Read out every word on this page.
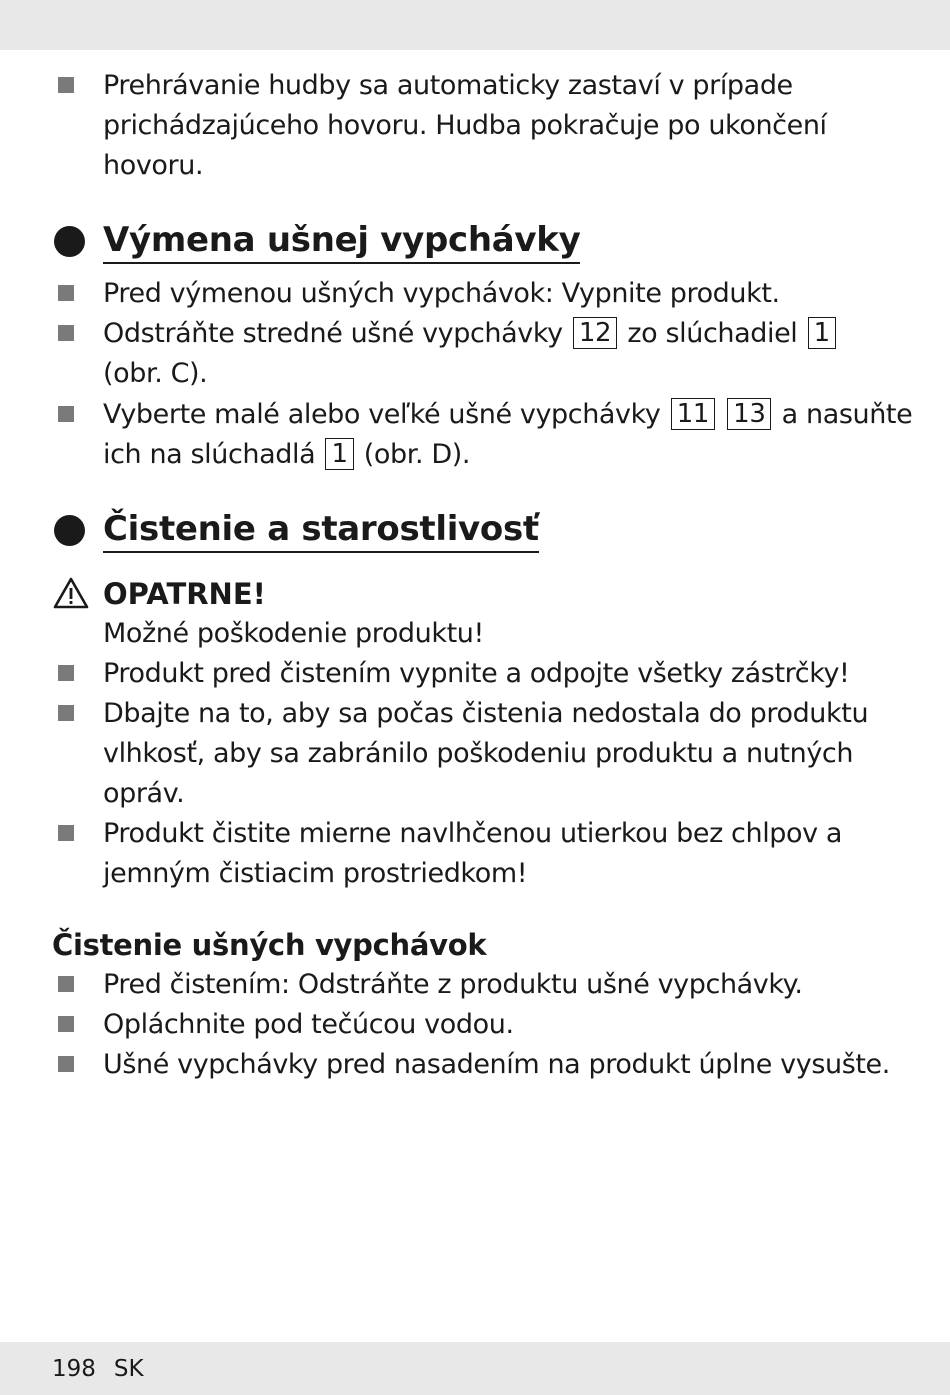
Prehrávanie hudby sa automaticky zastaví v prípade
prichádzajúceho hovoru. Hudba pokračuje po ukončení
hovoru.
Výmena ušnej vypchávky
Pred výmenou ušných vypchávok: Vypnite produkt.
Odstráňte stredné ušné vypchávky 12 zo slúchadiel 1
(obr. C).
Vyberte malé alebo veľké ušné vypchávky 11 13 a nasuňte
ich na slúchadlá 1 (obr. D).
Čistenie a starostlivosť
OPATRNE!
Možné poškodenie produktu!
Produkt pred čistením vypnite a odpojte všetky zástrčky!
Dbajte na to, aby sa počas čistenia nedostala do produktu
vlhkosť, aby sa zabránilo poškodeniu produktu a nutných
opráv.
Produkt čistite mierne navlhčenou utierkou bez chlpov a
jemným čistiacim prostriedkom!
Čistenie ušných vypchávok
Pred čistením: Odstráňte z produktu ušné vypchávky.
Opláchnite pod tečúcou vodou.
Ušné vypchávky pred nasadením na produkt úplne vysušte.
198 SK
